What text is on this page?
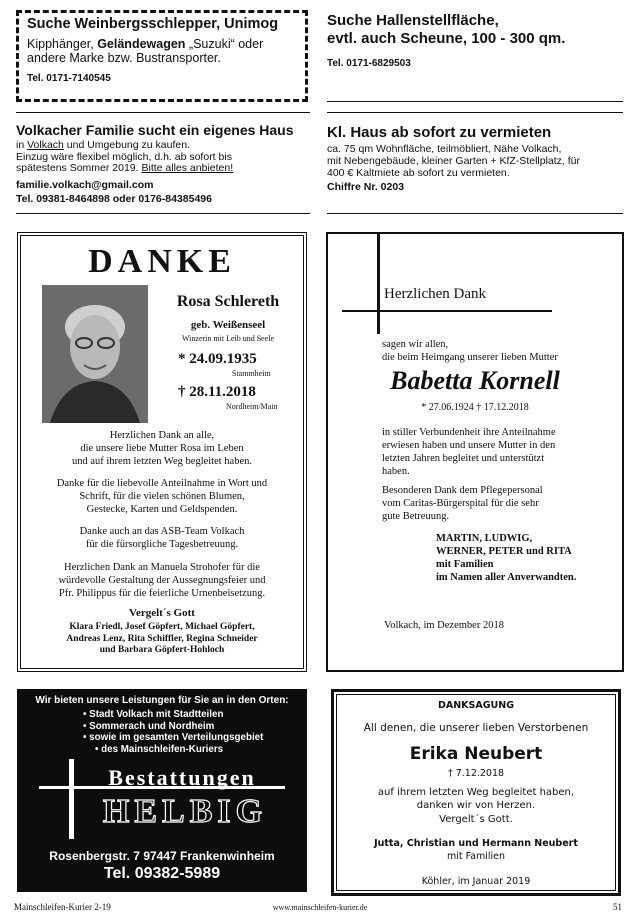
Suche Weinbergsschlepper, Unimog
Kipphänger, Geländewagen „Suzuki“ oder andere Marke bzw. Bustransporter.
Tel. 0171-7140545
Suche Hallenstellfläche,
evtl. auch Scheune, 100 - 300 qm.
Tel. 0171-6829503
Volkacher Familie sucht ein eigenes Haus
in Volkach und Umgebung zu kaufen.
Einzug wäre flexibel möglich, d.h. ab sofort bis
spätestens Sommer 2019. Bitte alles anbieten!
familie.volkach@gmail.com
Tel. 09381-8464898 oder 0176-84385496
Kl. Haus ab sofort zu vermieten
ca. 75 qm Wohnfläche, teilmöbliert, Nähe Volkach,
mit Nebengebäude, kleiner Garten + KfZ-Stellplatz, für
400 € Kaltmiete ab sofort zu vermieten.
Chiffre Nr. 0203
DANKE
Rosa Schlereth
geb. Weißenseel
Winzerin mit Leib und Seele
* 24.09.1935
Stammheim
† 28.11.2018
Nordheim/Main
Herzlichen Dank an alle,
die unsere liebe Mutter Rosa im Leben
und auf ihrem letzten Weg begleitet haben.
Danke für die liebevolle Anteilnahme in Wort und
Schrift, für die vielen schönen Blumen,
Gestecke, Karten und Geldspenden.
Danke auch an das ASB-Team Volkach
für die fürsorgliche Tagesbetreuung.
Herzlichen Dank an Manuela Strohofer für die
würdevolle Gestaltung der Aussegnungsfeier und
Pfr. Philippus für die feierliche Urnenbeisetzung.
Vergelt´s Gott
Klara Friedl, Josef Göpfert, Michael Göpfert,
Andreas Lenz, Rita Schiffler, Regina Schneider
und Barbara Göpfert-Hohloch
Herzlichen Dank
sagen wir allen,
die beim Heimgang unserer lieben Mutter
Babetta Kornell
* 27.06.1924 † 17.12.2018
in stiller Verbundenheit ihre Anteilnahme
erwiesen haben und unsere Mutter in den
letzten Jahren begleitet und unterstützt
haben.
Besonderen Dank dem Pflegepersonal
vom Caritas-Bürgerspital für die sehr
gute Betreuung.
MARTIN, LUDWIG,
WERNER, PETER und RITA
mit Familien
im Namen aller Anverwandten.
Volkach, im Dezember 2018
Wir bieten unsere Leistungen für Sie an in den Orten:
• Stadt Volkach mit Stadtteilen
• Sommerach und Nordheim
• sowie im gesamten Verteilungsgebiet
• des Mainschleifen-Kuriers
Bestattungen
HELBIG
Rosenbergstr. 7 97447 Frankenwinheim
Tel. 09382-5989
DANKSAGUNG
All denen, die unserer lieben Verstorbenen
Erika Neubert
† 7.12.2018
auf ihrem letzten Weg begleitet haben,
danken wir von Herzen.
Vergelt´s Gott.
Jutta, Christian und Hermann Neubert
mit Familien
Köhler, im Januar 2019
Mainschleifen-Kurier 2-19	www.mainschleifen-kurier.de	51
